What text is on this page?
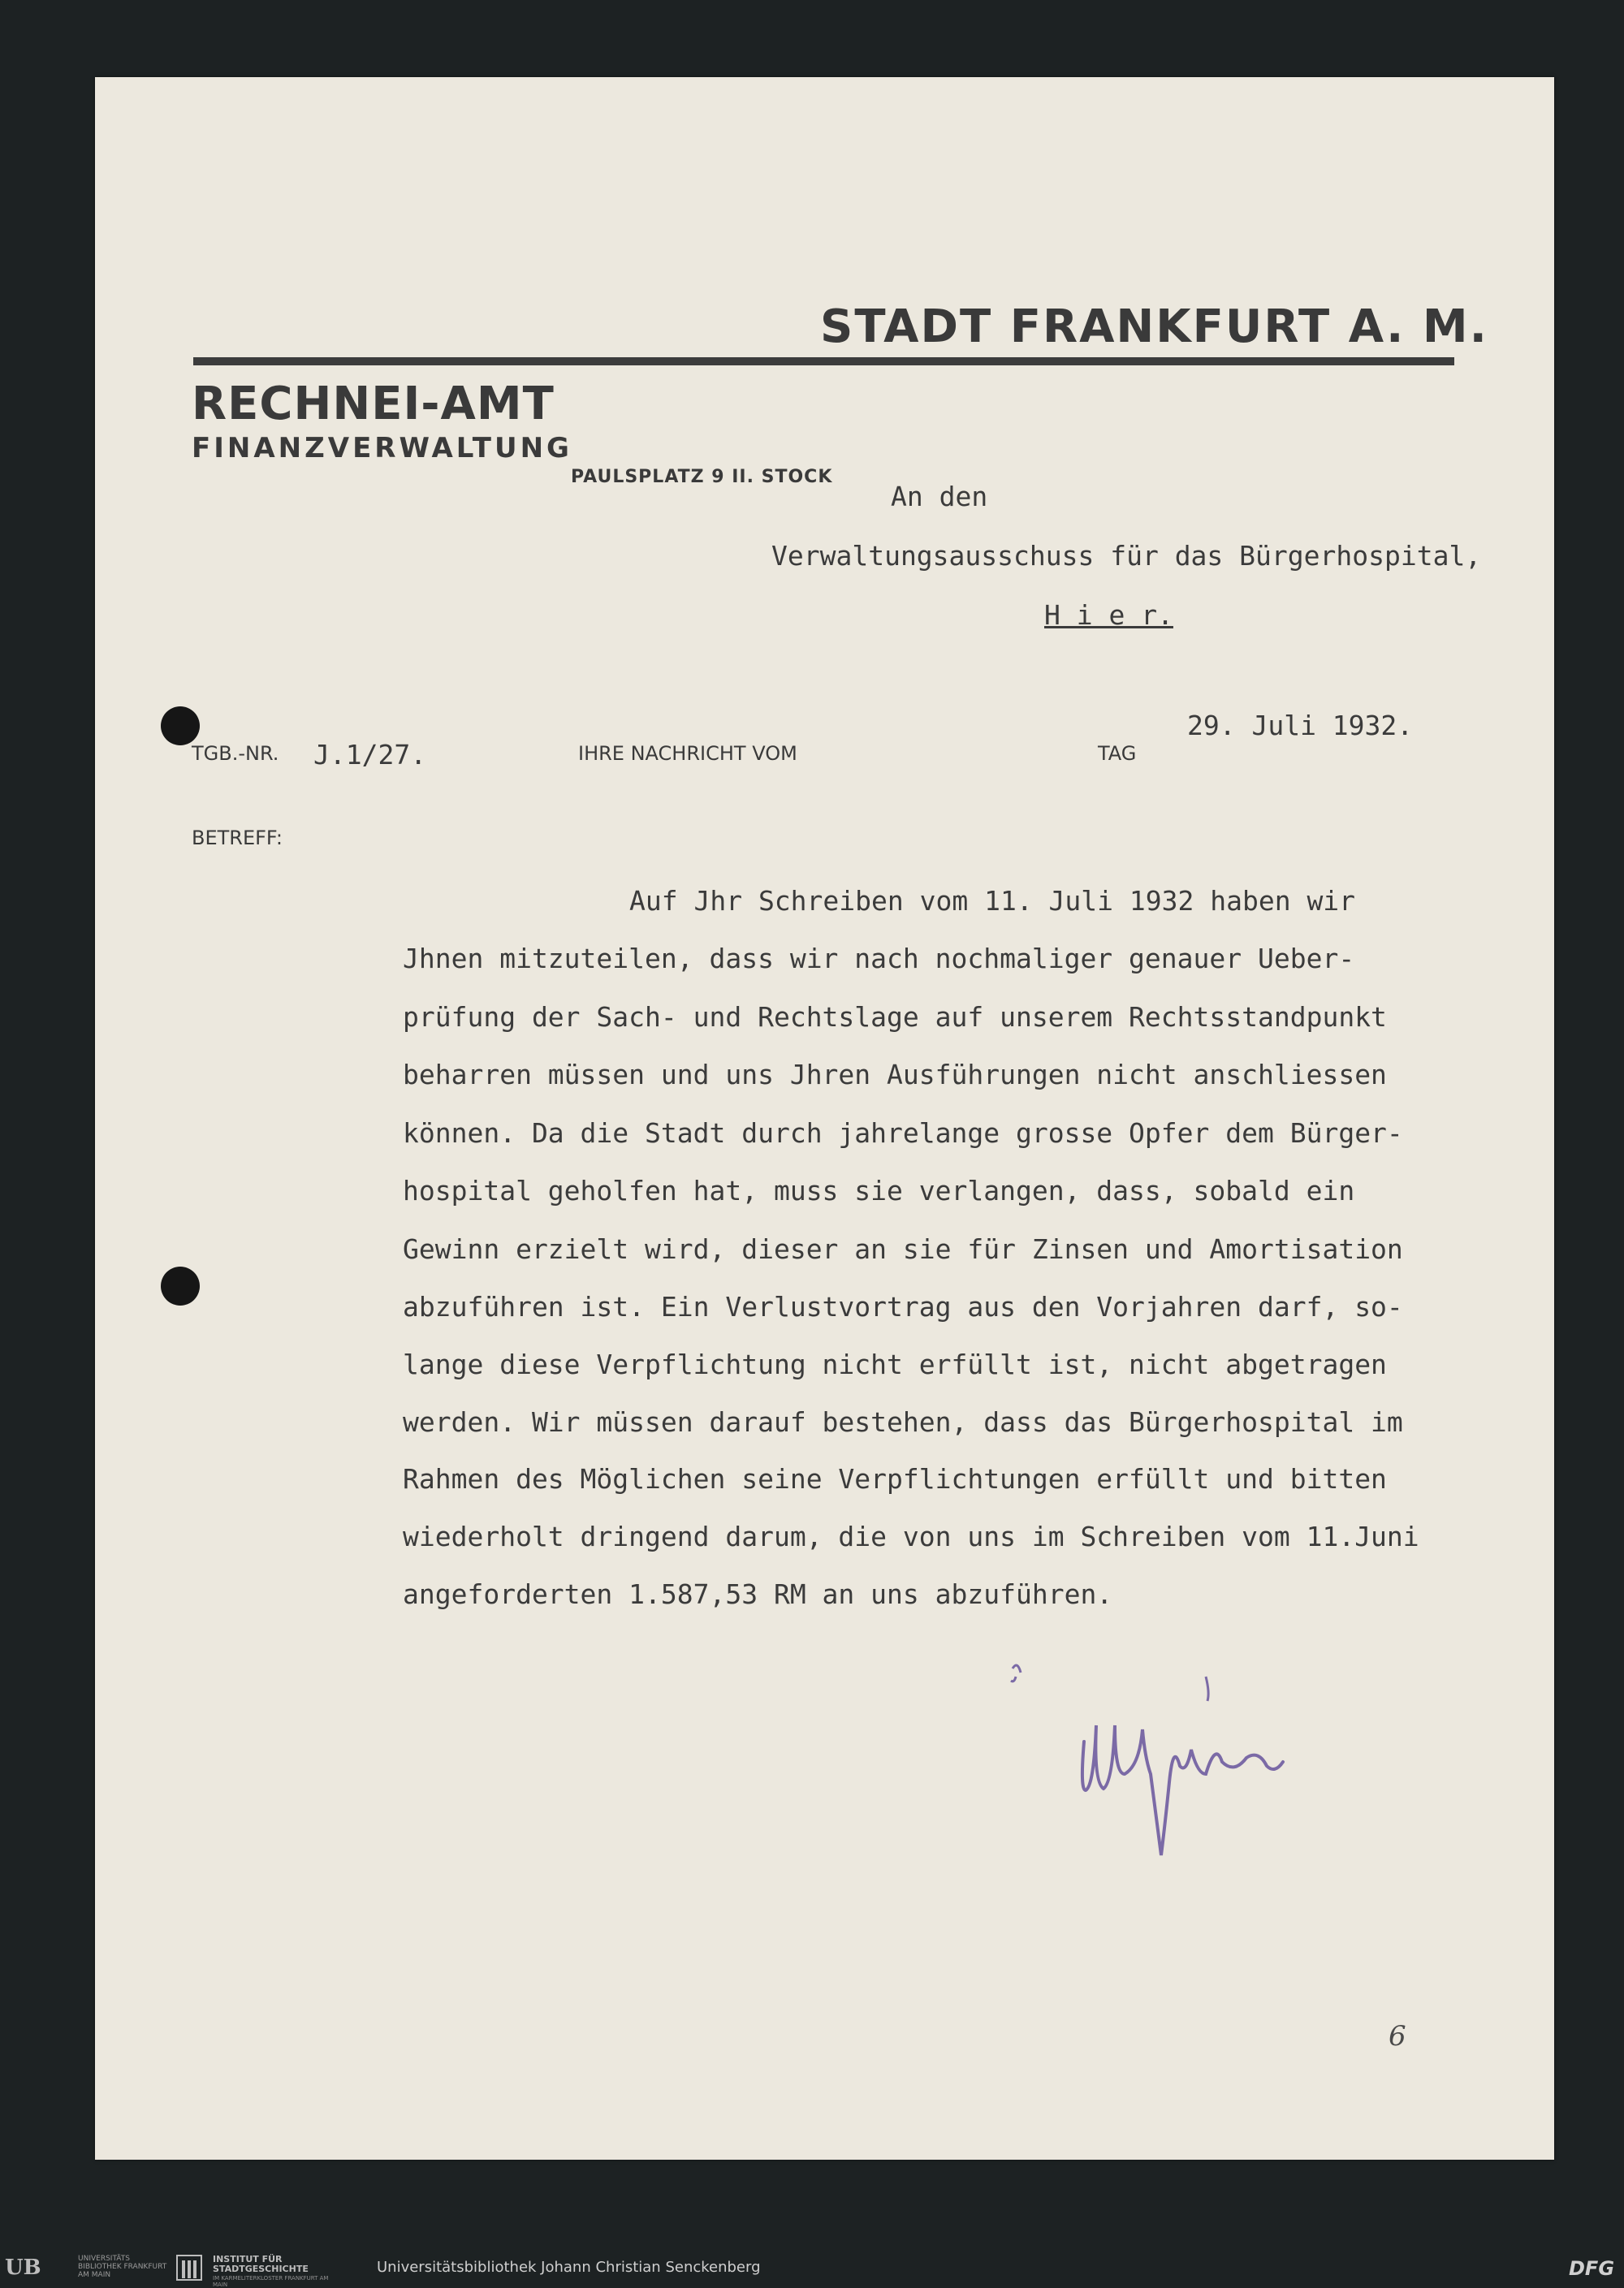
STADT FRANKFURT A. M.
RECHNEI-AMT
FINANZVERWALTUNG
PAULSPLATZ 9 II. STOCK
An den
Verwaltungsausschuss für das Bürgerhospital,
H i e r.
TGB.-NR. J.1/27.	IHRE NACHRICHT VOM	TAG
29. Juli 1932.
BETREFF:
Auf Jhr Schreiben vom 11. Juli 1932 haben wir
Jhnen mitzuteilen, dass wir nach nochmaliger genauer Ueber-
prüfung der Sach- und Rechtslage auf unserem Rechtsstandpunkt
beharren müssen und uns Jhren Ausführungen nicht anschliessen
können. Da die Stadt durch jahrelange grosse Opfer dem Bürger-
hospital geholfen hat, muss sie verlangen, dass, sobald ein
Gewinn erzielt wird, dieser an sie für Zinsen und Amortisation
abzuführen ist. Ein Verlustvortrag aus den Vorjahren darf, so-
lange diese Verpflichtung nicht erfüllt ist, nicht abgetragen
werden. Wir müssen darauf bestehen, dass das Bürgerhospital im
Rahmen des Möglichen seine Verpflichtungen erfüllt und bitten
wiederholt dringend darum, die von uns im Schreiben vom 11.Juni
angeforderten 1.587,53 RM an uns abzuführen.
6
UB	UNIVERSITÄTS BIBLIOTHEK FRANKFURT AM MAIN
INSTITUT FÜR STADTGESCHICHTE
IM KARMELITERKLOSTER FRANKFURT AM MAIN
Universitätsbibliothek Johann Christian Senckenberg	DFG
